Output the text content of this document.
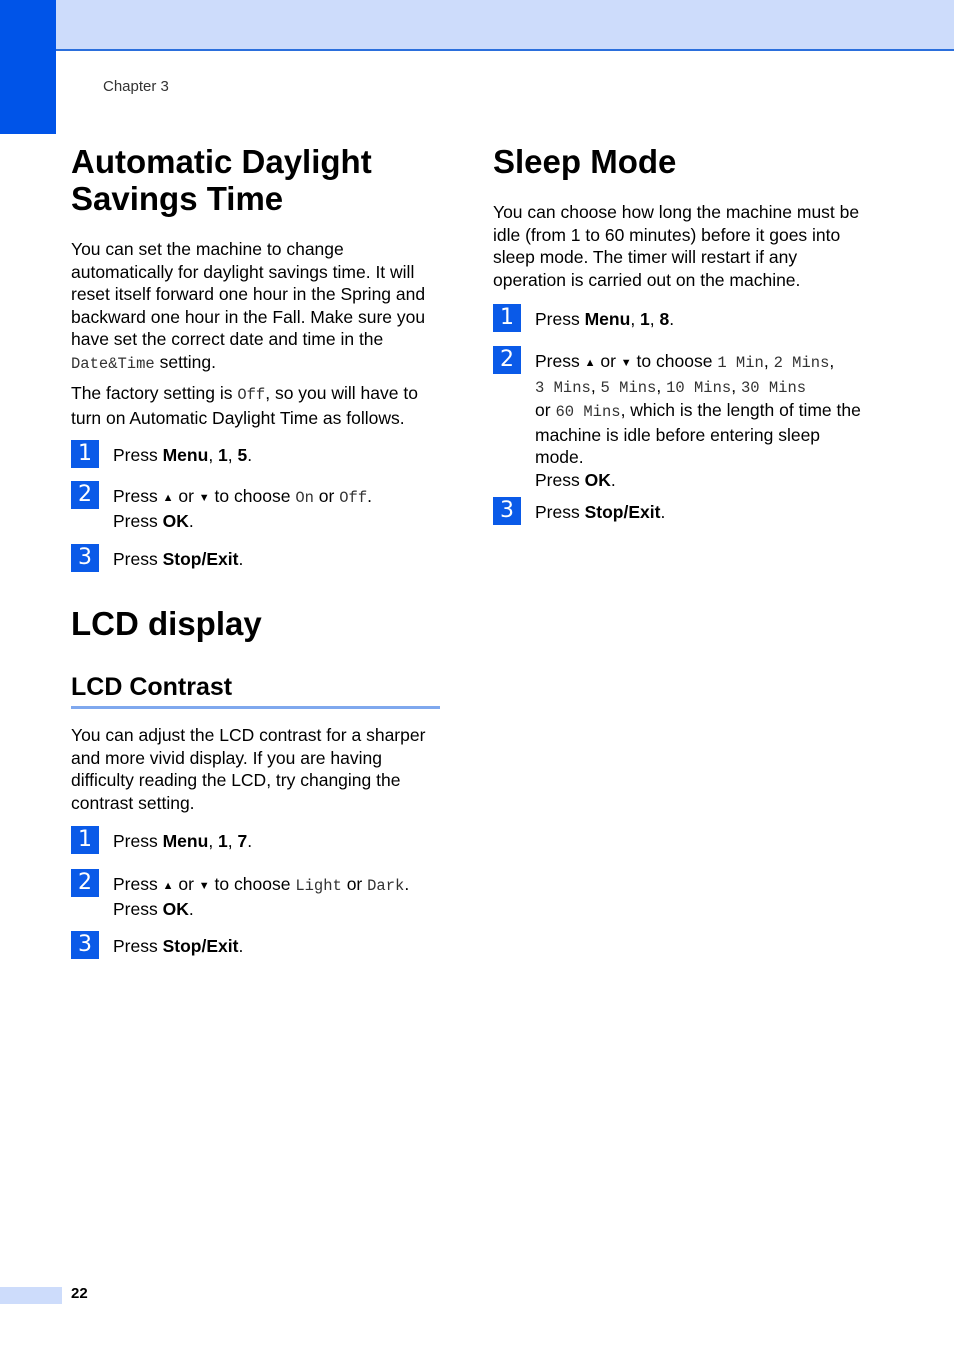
Chapter 3
Automatic Daylight
Savings Time

You can set the machine to change automatically for daylight savings time. It will reset itself forward one hour in the Spring and backward one hour in the Fall. Make sure you have set the correct date and time in the Date&Time setting.

The factory setting is Off, so you will have to turn on Automatic Daylight Time as follows.

1	Press Menu, 1, 5.
2	Press ▲ or ▼ to choose On or Off.
Press OK.
3	Press Stop/Exit.
LCD display
LCD Contrast

You can adjust the LCD contrast for a sharper and more vivid display. If you are having difficulty reading the LCD, try changing the contrast setting.

1	Press Menu, 1, 7.
2	Press ▲ or ▼ to choose Light or Dark.
Press OK.
3	Press Stop/Exit.
Sleep Mode

You can choose how long the machine must be idle (from 1 to 60 minutes) before it goes into sleep mode. The timer will restart if any operation is carried out on the machine.

1	Press Menu, 1, 8.
2	Press ▲ or ▼ to choose 1 Min, 2 Mins,
3 Mins, 5 Mins, 10 Mins, 30 Mins
or 60 Mins, which is the length of time the machine is idle before entering sleep mode.
Press OK.
3	Press Stop/Exit.
22
